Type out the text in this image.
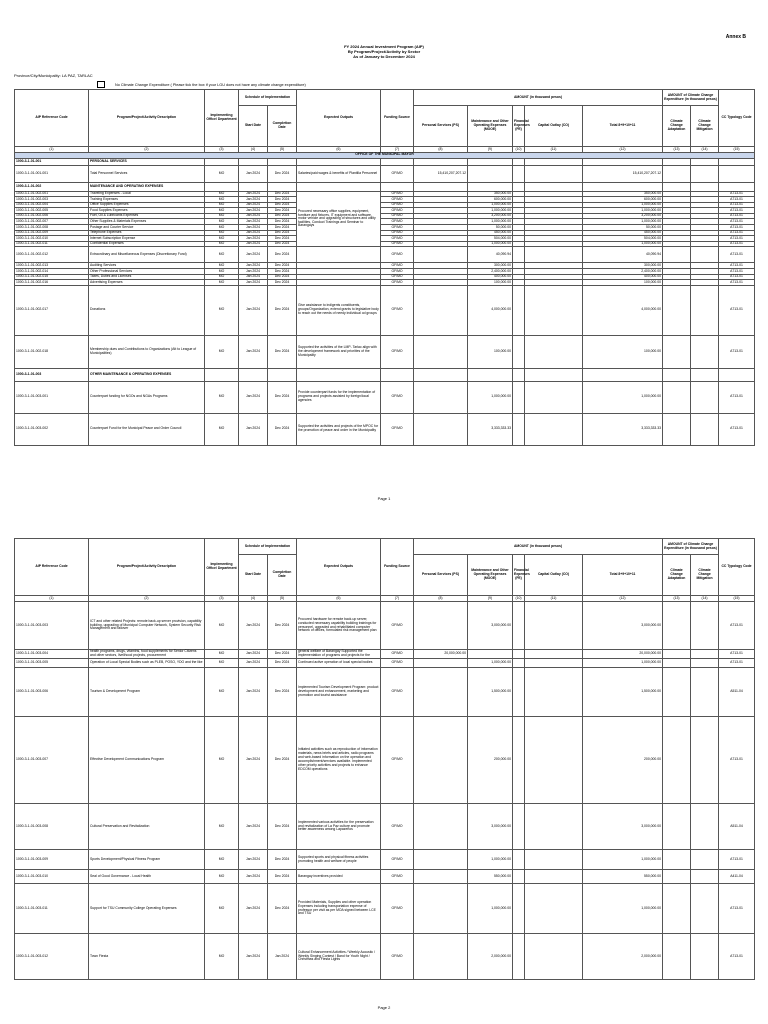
Annex B
FY 2024 Annual Investment Program (AIP)
By Program/Project/Activity by Sector
As of January to December 2024
Province/City/Municipality: LA PAZ, TARLAC
No Climate Change Expenditure ( Please tick the box if your LGU does not have any climate change expenditure)
AIP Reference Code	Program/Project/Activity Description	Implementing Office/ Department	Schedule of Implementation		Expected Outputs	Funding Source	AMOUNT (in thousand pesos)					AMOUNT of Climate Change Expenditure (in thousand pesos)		CC Typology Code
			Start Date	Completion Date			Personal Services (PS)	Maintenance and Other Operating Expenses (MOOE)	Financial Expenses (FE)	Capital Outlay (CO)	Total 8+9+10+11	Climate Change Adaptation	Climate Change Mitigation	
(1)	(2)	(3)	(4)	(5)	(6)	(7)	(8)	(9)	(10)	(11)	(12)	(13)	(14)	(15)
OFFICE OF THE MUNICIPAL MAYOR														
1000-3-1-01-001	PERSONAL SERVICES													
1000-3-1-01-001-001	Total Personnel Services	MO	Jan 2024	Dec 2024	Salaries/paid wages & benefits of Plantilla Personnel	GF/MO	15,410,207,207.12				15,410,207,207.12			
1000-3-1-01-002	MAINTENANCE AND OPERATING EXPENSES													
1000-3-1-01-002-001	Traveling Expenses - Local	MO	Jan 2024	Dec 2024	Procured necessary office supplies, equipment, furniture and fixtures, IT equipment and software, motor vehicle and upgrading of structures and utility facilities, Conduct Trainings and Seminar to Barangays	GF/MO		350,000.00			350,000.00			A713-01
1000-3-1-01-002-003	Training Expenses	MO	Jan 2024	Dec 2024		GF/MO		600,000.00			600,000.00			A713-01
1000-3-1-01-002-004	Office Supplies Expenses	MO	Jan 2024	Dec 2024		GF/MO		1,000,000.00			1,000,000.00			A713-01
1000-3-1-01-002-005	Food Supplies Expenses	MO	Jan 2024	Dec 2024		GF/MO		1,000,000.00			1,000,000.00			A713-01
1000-3-1-01-002-006	Fuel, Oil & Lubricants Expenses	MO	Jan 2024	Dec 2024		GF/MO		3,200,000.00			3,200,000.00			A713-01
1000-3-1-01-002-007	Other Supplies & Materials Expenses	MO	Jan 2024	Dec 2024		GF/MO		1,000,000.00			1,000,000.00			A713-01
1000-3-1-01-002-008	Postage and Courier Service	MO	Jan 2024	Dec 2024		GF/MO		50,000.00			50,000.00			A713-01
1000-3-1-01-002-009	Telephone Expenses	MO	Jan 2024	Dec 2024		GF/MO		450,000.00			450,000.00			A713-01
1000-3-1-01-002-010	Internet Subscription Expense	MO	Jan 2024	Dec 2024		GF/MO		504,000.00			504,000.00			A713-01
1000-3-1-01-002-011	Confidential Expenses	MO	Jan 2024	Dec 2024		GF/MO		1,000,000.00			1,000,000.00			A713-01
1000-3-1-01-002-012	Extraordinary and Miscellaneous Expenses (Discretionary Fund)	MO	Jan 2024	Dec 2024		GF/MO		40,090.94			40,090.94			A713-01
1000-3-1-01-002-013	Auditing Services	MO	Jan 2024	Dec 2024		GF/MO		300,000.00			300,000.00			A713-01
1000-3-1-01-002-014	Other Professional Services	MO	Jan 2024	Dec 2024		GF/MO		2,400,000.00			2,400,000.00			A713-01
1000-3-1-01-002-015	Taxes, Duties and Licenses	MO	Jan 2024	Dec 2024		GF/MO		400,000.00			400,000.00			A713-01
1000-3-1-01-002-016	Advertising Expenses	MO	Jan 2024	Dec 2024		GF/MO		100,000.00			100,000.00			A713-01
1000-3-1-01-002-017	Donations	MO	Jan 2024	Dec 2024	Give assistance to indigents constituents, groups/Organization, extend grants to legislative body to reach out the needs of needy individual od groups	GF/MO		4,000,000.00			4,000,000.00			A713-01
1000-3-1-01-002-018	Membership dues and Contributions to Organizations (Att to League of Municipalities)	MO	Jan 2024	Dec 2024	Supported the activities of the LMP- Tarlac align with the development framework and priorities of the Municipality	GF/MO		100,000.00			100,000.00			A713-01
1000-3-1-01-003	OTHER MAINTENANCE & OPERATING EXPENSES													
1000-3-1-01-003-001	Counterpart funding for NGOs and NGAs Programs	MO	Jan 2024	Dec 2024	Provide counterpart funds for the implementation of programs and projects assisted by foreign/local agencies	GF/MO		1,000,000.00			1,000,000.00			A713-01
1000-3-1-01-003-002	Counterpart Fund for the Municipal Peace and Order Council	MO	Jan 2024	Dec 2024	Supported the activities and projects of the MPOC for the promotion of peace and order in the Municipality	GF/MO		3,333,333.33			3,333,333.33			A713-01
Page 1
AIP Reference Code	Program/Project/Activity Description	Implementing Office/ Department	Schedule of Implementation		Expected Outputs	Funding Source	AMOUNT (in thousand pesos)					AMOUNT of Climate Change Expenditure (in thousand pesos)		CC Typology Code
			Start Date	Completion Date			Personal Services (PS)	Maintenance and Other Operating Expenses (MOOE)	Financial Expenses (FE)	Capital Outlay (CO)	Total 8+9+10+11	Climate Change Adaptation	Climate Change Mitigation	
(1)	(2)	(3)	(4)	(5)	(6)	(7)	(8)	(9)	(10)	(11)	(12)	(13)	(14)	(15)
1000-3-1-01-003-003	ICT and other related Projects: remote back-up server provision, capability building, upgrading of Municipal Computer Network, System Security Risk Management and failover	MO	Jan 2024	Dec 2024	Procured hardware for remote back-up server, conducted necessary capability building trainings for personnel, upgraded and rehabilitated computer network of offices, formulated risk management plan	GF/MO		3,000,000.00			3,000,000.00			A713-01
1000-3-1-01-003-004	health programs, drugs, vitamins, food supplements for Senior Citizens and other sectors, livelihood projects, procurement	MO	Jan 2024	Dec 2024	general welfare of Barangay Supported the implementation of programs and projects for the	GF/MO	20,000,000.00				20,000,000.00			A713-01
1000-3-1-01-003-005	Operation of Local Special Bodies such as PLEB, POSO, YDO and the like	MO	Jan 2024	Dec 2024	Continued active operation of local special bodies	GF/MO		1,000,000.00			1,000,000.00			A713-01
1000-3-1-01-003-006	Tourism & Development Program	MO	Jan 2024	Dec 2024	Implemented Tourism Development Program: product development and enhancement, marketing and promotion and tourist assistance	GF/MO		1,500,000.00			1,500,000.00			A511-04
1000-3-1-01-003-007	Effective Development Communications Program	MO	Jan 2024	Dec 2024	Initiated activities such as reproduction of information materials, news briefs and articles, radio programs and web-based information on the operation and accomplishment/services available. Implemented other priority activities and projects to enhance EDCOM operations	GF/MO		200,000.00			200,000.00			A713-01
1000-3-1-01-003-008	Cultural Preservation and Revitalization	MO	Jan 2024	Dec 2024	Implemented various activities for the preservation and revitalization of La Paz culture and promote better awareness among Lapazeños	GF/MO		3,000,000.00			3,000,000.00			A511-04
1000-3-1-01-003-009	Sports Development/Physical Fitness Program	MO	Jan 2024	Dec 2024	Supported sports and physical fitness activities promoting health and welfare of people	GF/MO		1,000,000.00			1,000,000.00			A713-01
1000-3-1-01-003-010	Seal of Good Governance - Local Health	MO	Jan 2024	Dec 2024	Barangay incentives provided	GF/MO		550,000.00			550,000.00			A411-04
1000-3-1-01-003-011	Support for TSU Community College Operating Expenses	MO	Jan 2024	Dec 2024	Provided Materials, Supplies and other operation Expenses including transportation expense of professor per visit as per MOA signed between LCE and TSU	GF/MO		1,000,000.00			1,000,000.00			A713-01
1000-3-1-01-003-012	Town Fiesta	MO	Jan 2024	Jan 2024	Cultural Enhancement Activities / Weekly Acoustic / Weekly Singing Contest / Band for Youth Night / Christmas and Fiesta Lights	GF/MO		2,000,000.00			2,000,000.00			A713-01
Page 2
